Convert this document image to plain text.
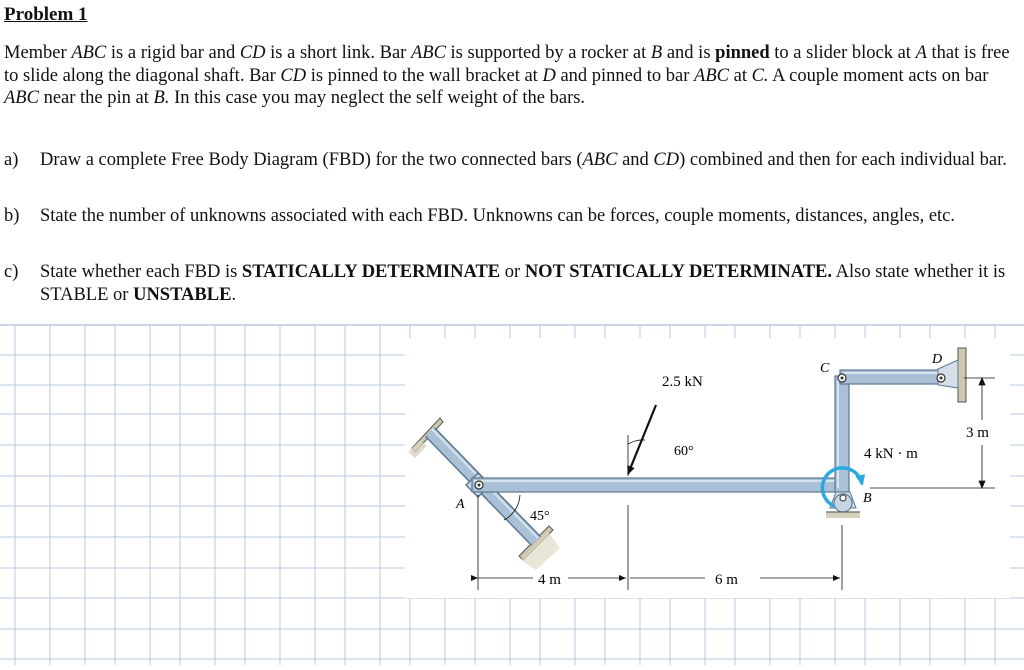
Problem 1

Member ABC is a rigid bar and CD is a short link. Bar ABC is supported by a rocker at B and is pinned to a slider block at A that is free to slide along the diagonal shaft. Bar CD is pinned to the wall bracket at D and pinned to bar ABC at C. A couple moment acts on bar ABC near the pin at B. In this case you may neglect the self weight of the bars.

a)	Draw a complete Free Body Diagram (FBD) for the two connected bars (ABC and CD) combined and then for each individual bar.
b)	State the number of unknowns associated with each FBD. Unknowns can be forces, couple moments, distances, angles, etc.
c)	State whether each FBD is STATICALLY DETERMINATE or NOT STATICALLY DETERMINATE. Also state whether it is STABLE or UNSTABLE.
2.5 kN
60°	4 kN · m
45°
4 m	6 m
3 m
A	B
C
D
